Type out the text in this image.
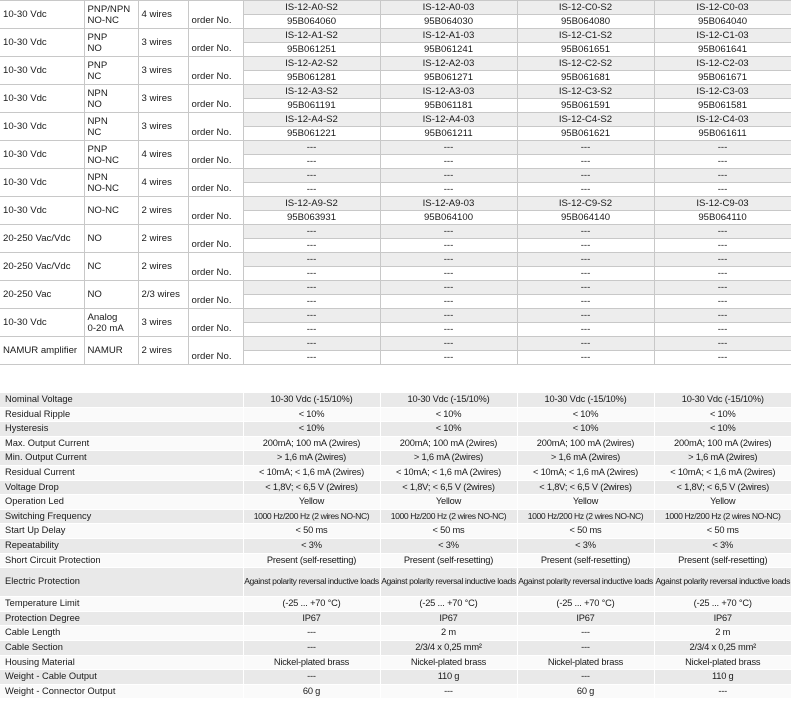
10-30 Vdc	PNP/NPN
NO-NC	4 wires	order No.	IS-12-A0-S2	IS-12-A0-03	IS-12-C0-S2	IS-12-C0-03
				95B064060	95B064030	95B064080	95B064040
10-30 Vdc	PNP
NO	3 wires	order No.	IS-12-A1-S2	IS-12-A1-03	IS-12-C1-S2	IS-12-C1-03
				95B061251	95B061241	95B061651	95B061641
10-30 Vdc	PNP
NC	3 wires	order No.	IS-12-A2-S2	IS-12-A2-03	IS-12-C2-S2	IS-12-C2-03
				95B061281	95B061271	95B061681	95B061671
10-30 Vdc	NPN
NO	3 wires	order No.	IS-12-A3-S2	IS-12-A3-03	IS-12-C3-S2	IS-12-C3-03
				95B061191	95B061181	95B061591	95B061581
10-30 Vdc	NPN
NC	3 wires	order No.	IS-12-A4-S2	IS-12-A4-03	IS-12-C4-S2	IS-12-C4-03
				95B061221	95B061211	95B061621	95B061611
10-30 Vdc	PNP
NO-NC	4 wires	order No.	---	---	---	---
				---	---	---	---
10-30 Vdc	NPN
NO-NC	4 wires	order No.	---	---	---	---
				---	---	---	---
10-30 Vdc	NO-NC	2 wires	order No.	IS-12-A9-S2	IS-12-A9-03	IS-12-C9-S2	IS-12-C9-03
				95B063931	95B064100	95B064140	95B064110
20-250 Vac/Vdc	NO	2 wires	order No.	---	---	---	---
				---	---	---	---
20-250 Vac/Vdc	NC	2 wires	order No.	---	---	---	---
				---	---	---	---
20-250 Vac	NO	2/3 wires	order No.	---	---	---	---
				---	---	---	---
10-30 Vdc	Analog
0-20 mA	3 wires	order No.	---	---	---	---
				---	---	---	---
NAMUR amplifier	NAMUR	2 wires	order No.	---	---	---	---
				---	---	---	---
Nominal Voltage	10-30 Vdc (-15/10%)	10-30 Vdc (-15/10%)	10-30 Vdc (-15/10%)	10-30 Vdc (-15/10%)
Residual Ripple	< 10%	< 10%	< 10%	< 10%
Hysteresis	< 10%	< 10%	< 10%	< 10%
Max. Output Current	200mA; 100 mA (2wires)	200mA; 100 mA (2wires)	200mA; 100 mA (2wires)	200mA; 100 mA (2wires)
Min. Output Current	> 1,6 mA (2wires)	> 1,6 mA (2wires)	> 1,6 mA (2wires)	> 1,6 mA (2wires)
Residual Current	< 10mA; < 1,6 mA (2wires)	< 10mA; < 1,6 mA (2wires)	< 10mA; < 1,6 mA (2wires)	< 10mA; < 1,6 mA (2wires)
Voltage Drop	< 1,8V; < 6,5 V (2wires)	< 1,8V; < 6,5 V (2wires)	< 1,8V; < 6,5 V (2wires)	< 1,8V; < 6,5 V (2wires)
Operation Led	Yellow	Yellow	Yellow	Yellow
Switching Frequency	1000 Hz/200 Hz (2 wires NO-NC)	1000 Hz/200 Hz (2 wires NO-NC)	1000 Hz/200 Hz (2 wires NO-NC)	1000 Hz/200 Hz (2 wires NO-NC)
Start Up Delay	< 50 ms	< 50 ms	< 50 ms	< 50 ms
Repeatability	< 3%	< 3%	< 3%	< 3%
Short Circuit Protection	Present (self-resetting)	Present (self-resetting)	Present (self-resetting)	Present (self-resetting)
Electric Protection	Against polarity reversal inductive loads	Against polarity reversal inductive loads	Against polarity reversal inductive loads	Against polarity reversal inductive loads
Temperature Limit	(-25 ... +70 °C)	(-25 ... +70 °C)	(-25 ... +70 °C)	(-25 ... +70 °C)
Protection Degree	IP67	IP67	IP67	IP67
Cable Length	---	2 m	---	2 m
Cable Section	---	2/3/4 x 0,25 mm²	---	2/3/4 x 0,25 mm²
Housing Material	Nickel-plated brass	Nickel-plated brass	Nickel-plated brass	Nickel-plated brass
Weight - Cable Output	---	110 g	---	110 g
Weight - Connector Output	60 g	---	60 g	---
